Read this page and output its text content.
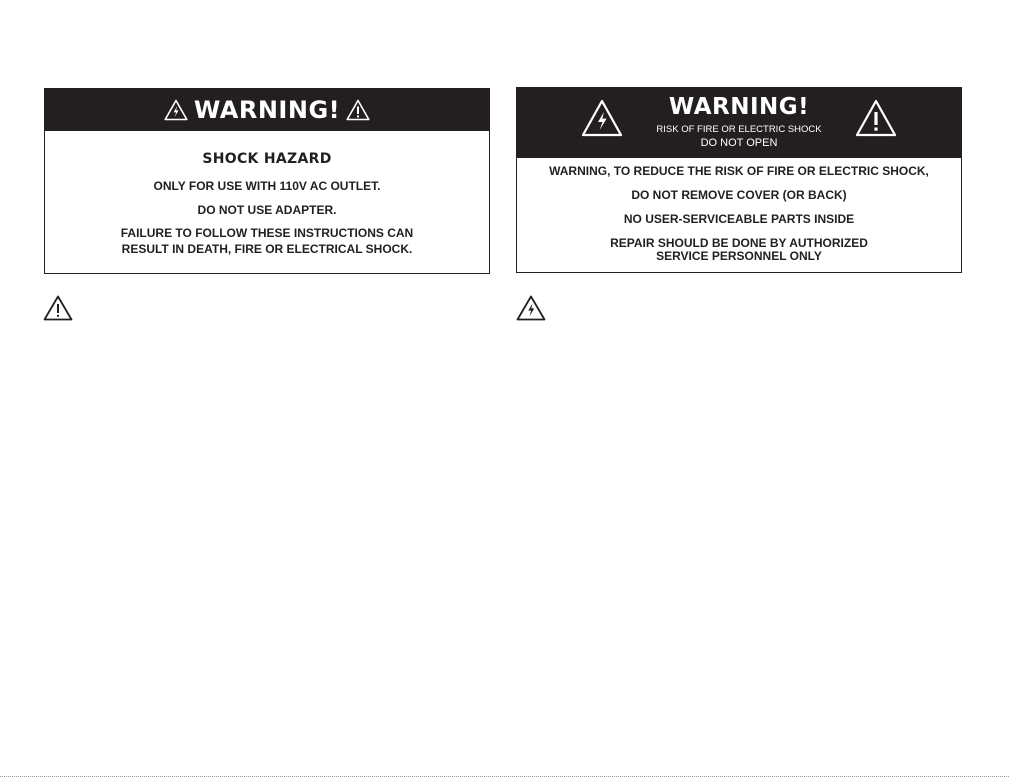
WARNING!
SHOCK HAZARD
ONLY FOR USE WITH 110V AC OUTLET.
DO NOT USE ADAPTER.
FAILURE TO FOLLOW THESE INSTRUCTIONS CAN RESULT IN DEATH, FIRE OR ELECTRICAL SHOCK.
WARNING!
RISK OF FIRE OR ELECTRIC SHOCK
DO NOT OPEN
WARNING, TO REDUCE THE RISK OF FIRE OR ELECTRIC SHOCK,
DO NOT REMOVE COVER (OR BACK)
NO USER-SERVICEABLE PARTS INSIDE
REPAIR SHOULD BE DONE BY AUTHORIZED SERVICE PERSONNEL ONLY
